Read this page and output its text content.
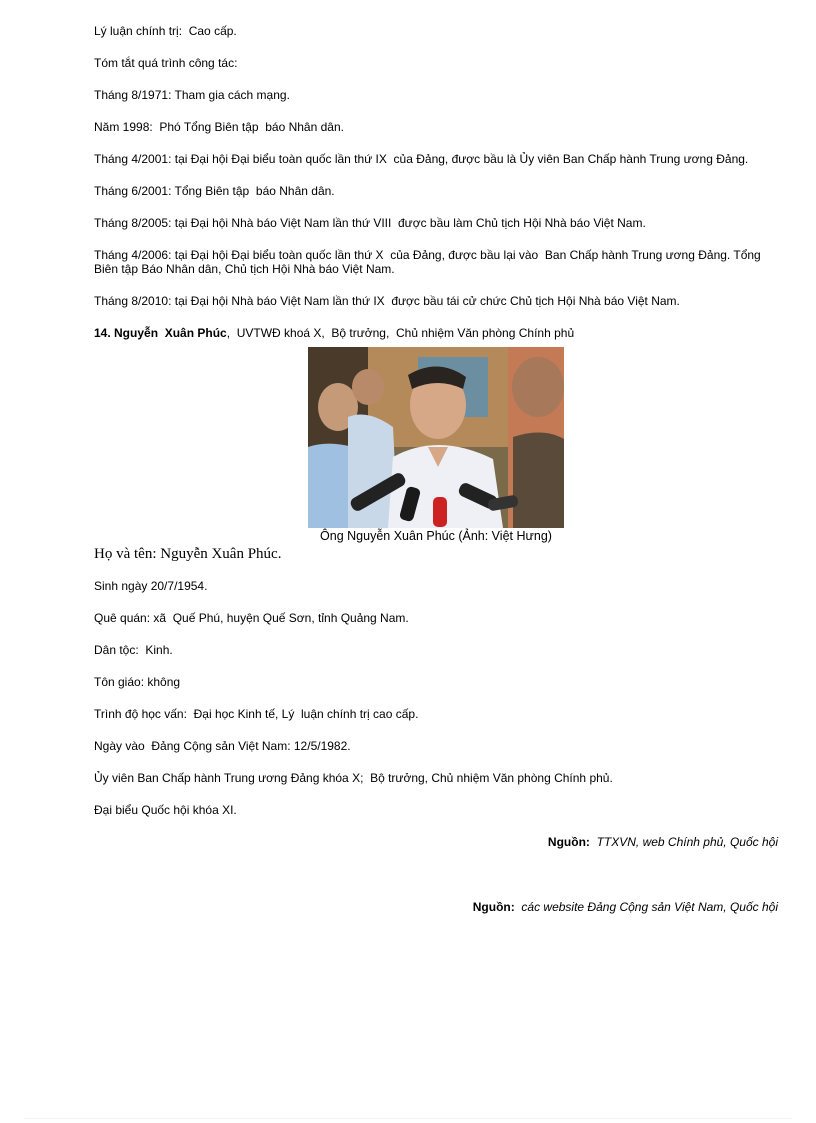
Lý luận chính trị:  Cao cấp.

Tóm tắt quá trình công tác:

Tháng 8/1971: Tham gia cách mạng.

Năm 1998:  Phó Tổng Biên tập  báo Nhân dân.

Tháng 4/2001: tại Đại hội Đại biểu toàn quốc lần thứ IX  của Đảng, được bầu là Ủy viên Ban Chấp hành Trung ương Đảng.

Tháng 6/2001: Tổng Biên tập  báo Nhân dân.

Tháng 8/2005: tại Đại hội Nhà báo Việt Nam lần thứ VIII  được bầu làm Chủ tịch Hội Nhà báo Việt Nam.

Tháng 4/2006: tại Đại hội Đại biểu toàn quốc lần thứ X  của Đảng, được bầu lại vào  Ban Chấp hành Trung ương Đảng. Tổng Biên tập Báo Nhân dân, Chủ tịch Hội Nhà báo Việt Nam.

Tháng 8/2010: tại Đại hội Nhà báo Việt Nam lần thứ IX  được bầu tái cử chức Chủ tịch Hội Nhà báo Việt Nam.

14. Nguyễn  Xuân Phúc,  UVTWĐ khoá X,  Bộ trưởng,  Chủ nhiệm Văn phòng Chính phủ

Ông Nguyễn Xuân Phúc (Ảnh: Việt Hưng)

Họ và tên: Nguyễn Xuân Phúc.

Sinh ngày 20/7/1954.

Quê quán: xã  Quế Phú, huyện Quế Sơn, tỉnh Quảng Nam.

Dân tộc:  Kinh.

Tôn giáo: không

Trình độ học vấn:  Đại học Kinh tế, Lý  luận chính trị cao cấp.

Ngày vào  Đảng Cộng sản Việt Nam: 12/5/1982.

Ủy viên Ban Chấp hành Trung ương Đảng khóa X;  Bộ trưởng, Chủ nhiệm Văn phòng Chính phủ.

Đại biểu Quốc hội khóa XI.

Nguồn: TTXVN, web Chính phủ, Quốc hội

Nguồn: các website Đảng Cộng sản Việt Nam, Quốc hội
